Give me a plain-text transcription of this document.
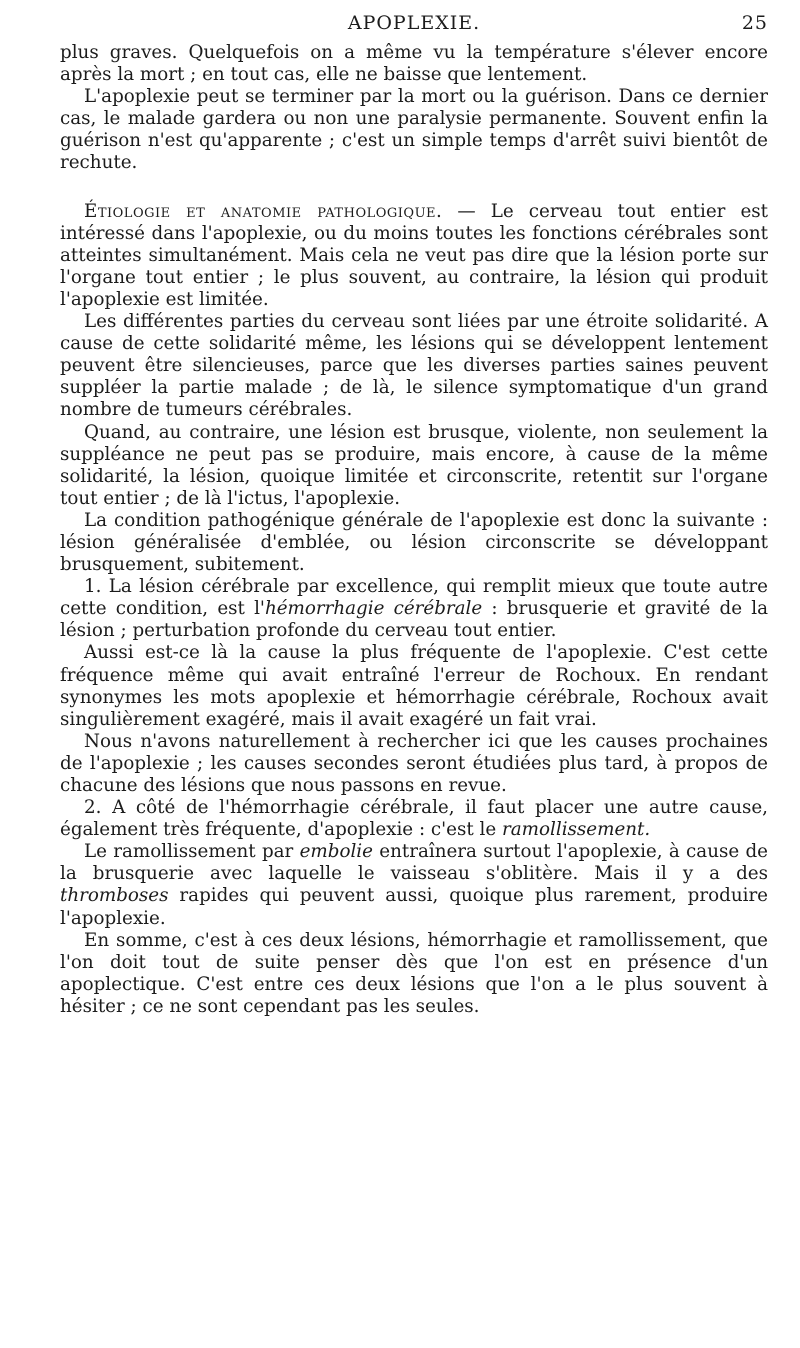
APOPLEXIE.	25

plus graves. Quelquefois on a même vu la température s'élever encore après la mort ; en tout cas, elle ne baisse que lentement.

L'apoplexie peut se terminer par la mort ou la guérison. Dans ce dernier cas, le malade gardera ou non une paralysie permanente. Souvent enfin la guérison n'est qu'apparente ; c'est un simple temps d'arrêt suivi bientôt de rechute.

Étiologie et anatomie pathologique. — Le cerveau tout entier est intéressé dans l'apoplexie, ou du moins toutes les fonctions cérébrales sont atteintes simultanément. Mais cela ne veut pas dire que la lésion porte sur l'organe tout entier ; le plus souvent, au contraire, la lésion qui produit l'apoplexie est limitée.

Les différentes parties du cerveau sont liées par une étroite solidarité. A cause de cette solidarité même, les lésions qui se développent lentement peuvent être silencieuses, parce que les diverses parties saines peuvent suppléer la partie malade ; de là, le silence symptomatique d'un grand nombre de tumeurs cérébrales.

Quand, au contraire, une lésion est brusque, violente, non seulement la suppléance ne peut pas se produire, mais encore, à cause de la même solidarité, la lésion, quoique limitée et circonscrite, retentit sur l'organe tout entier ; de là l'ictus, l'apoplexie.

La condition pathogénique générale de l'apoplexie est donc la suivante : lésion généralisée d'emblée, ou lésion circonscrite se développant brusquement, subitement.

1. La lésion cérébrale par excellence, qui remplit mieux que toute autre cette condition, est l'hémorrhagie cérébrale : brusquerie et gravité de la lésion ; perturbation profonde du cerveau tout entier.

Aussi est-ce là la cause la plus fréquente de l'apoplexie. C'est cette fréquence même qui avait entraîné l'erreur de Rochoux. En rendant synonymes les mots apoplexie et hémorrhagie cérébrale, Rochoux avait singulièrement exagéré, mais il avait exagéré un fait vrai.

Nous n'avons naturellement à rechercher ici que les causes prochaines de l'apoplexie ; les causes secondes seront étudiées plus tard, à propos de chacune des lésions que nous passons en revue.

2. A côté de l'hémorrhagie cérébrale, il faut placer une autre cause, également très fréquente, d'apoplexie : c'est le ramollissement.

Le ramollissement par embolie entraînera surtout l'apoplexie, à cause de la brusquerie avec laquelle le vaisseau s'oblitère. Mais il y a des thromboses rapides qui peuvent aussi, quoique plus rarement, produire l'apoplexie.

En somme, c'est à ces deux lésions, hémorrhagie et ramollissement, que l'on doit tout de suite penser dès que l'on est en présence d'un apoplectique. C'est entre ces deux lésions que l'on a le plus souvent à hésiter ; ce ne sont cependant pas les seules.
